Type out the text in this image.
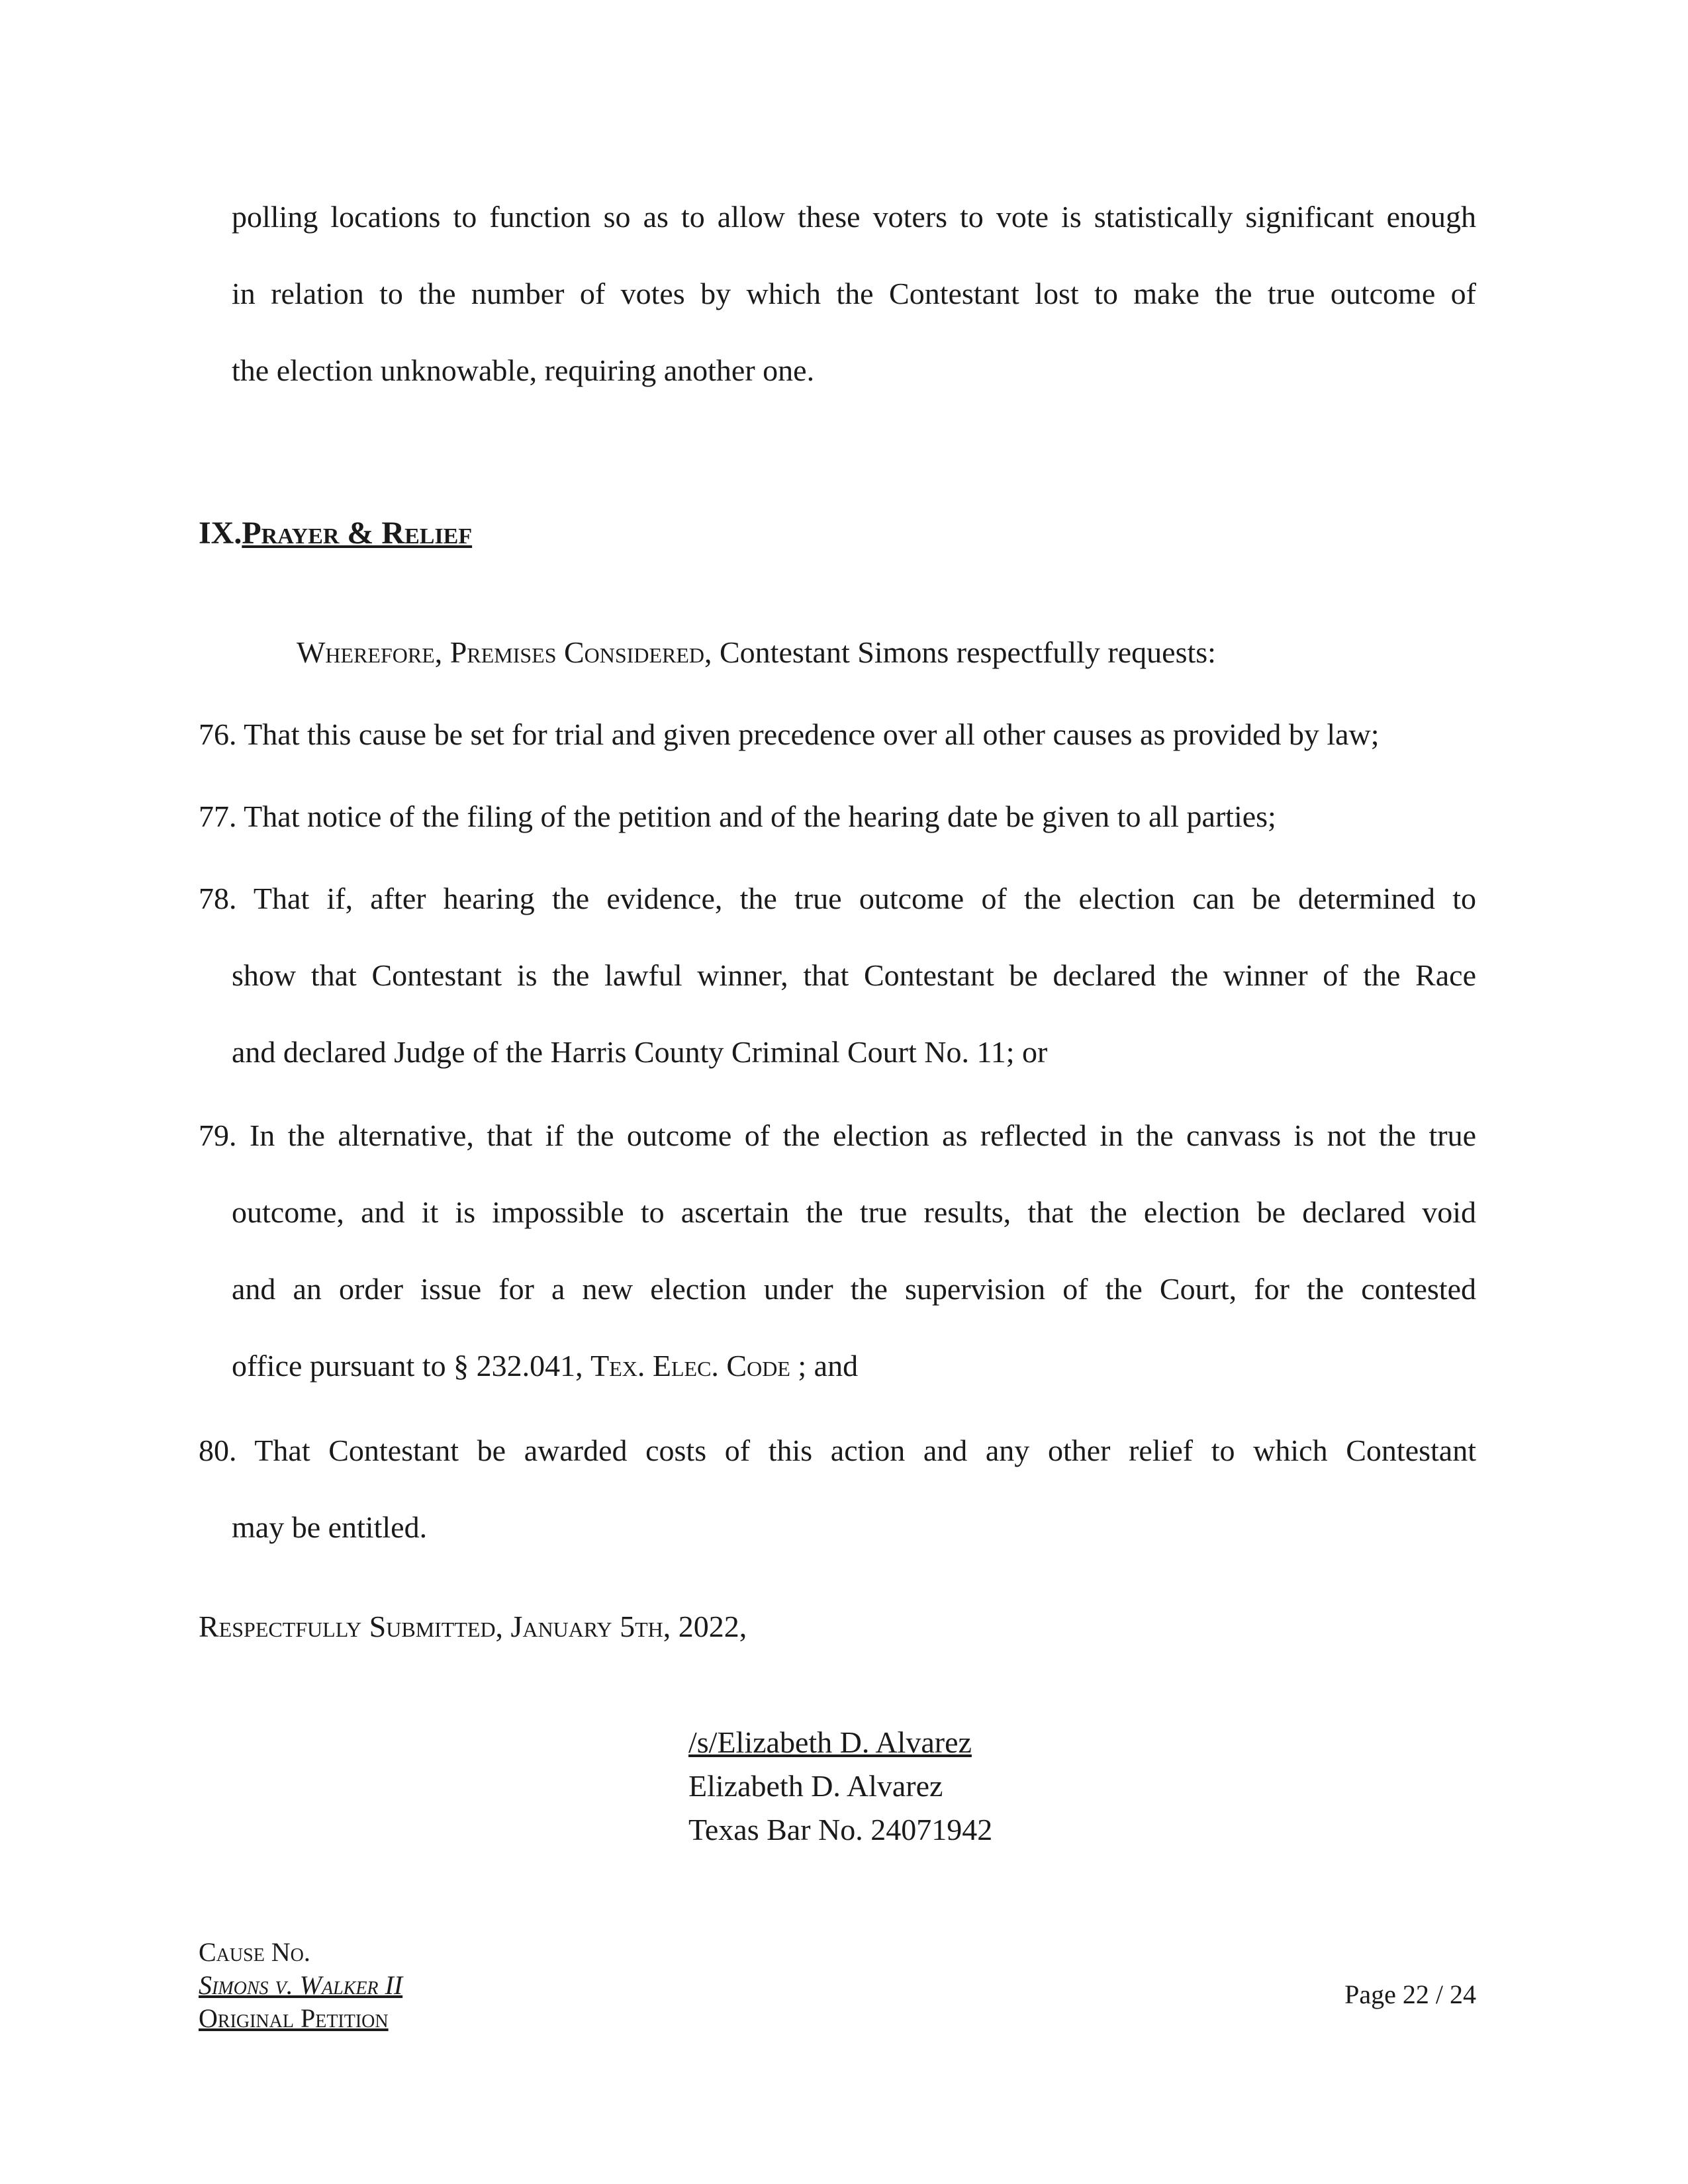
polling locations to function so as to allow these voters to vote is statistically significant enough
in relation to the number of votes by which the Contestant lost to make the true outcome of
the election unknowable, requiring another one.
IX.Prayer & Relief
Wherefore, Premises Considered, Contestant Simons respectfully requests:
76. That this cause be set for trial and given precedence over all other causes as provided by law;
77. That notice of the filing of the petition and of the hearing date be given to all parties;
78. That if, after hearing the evidence, the true outcome of the election can be determined to
show that Contestant is the lawful winner, that Contestant be declared the winner of the Race
and declared Judge of the Harris County Criminal Court No. 11; or
79. In the alternative, that if the outcome of the election as reflected in the canvass is not the true
outcome, and it is impossible to ascertain the true results, that the election be declared void
and an order issue for a new election under the supervision of the Court, for the contested
office pursuant to § 232.041, Tex. Elec. Code ; and
80. That Contestant be awarded costs of this action and any other relief to which Contestant
may be entitled.
Respectfully Submitted, January 5th, 2022,
/s/Elizabeth D. Alvarez
Elizabeth D. Alvarez
Texas Bar No. 24071942
Cause No.
Simons v. Walker II
Original Petition
Page 22 / 24
